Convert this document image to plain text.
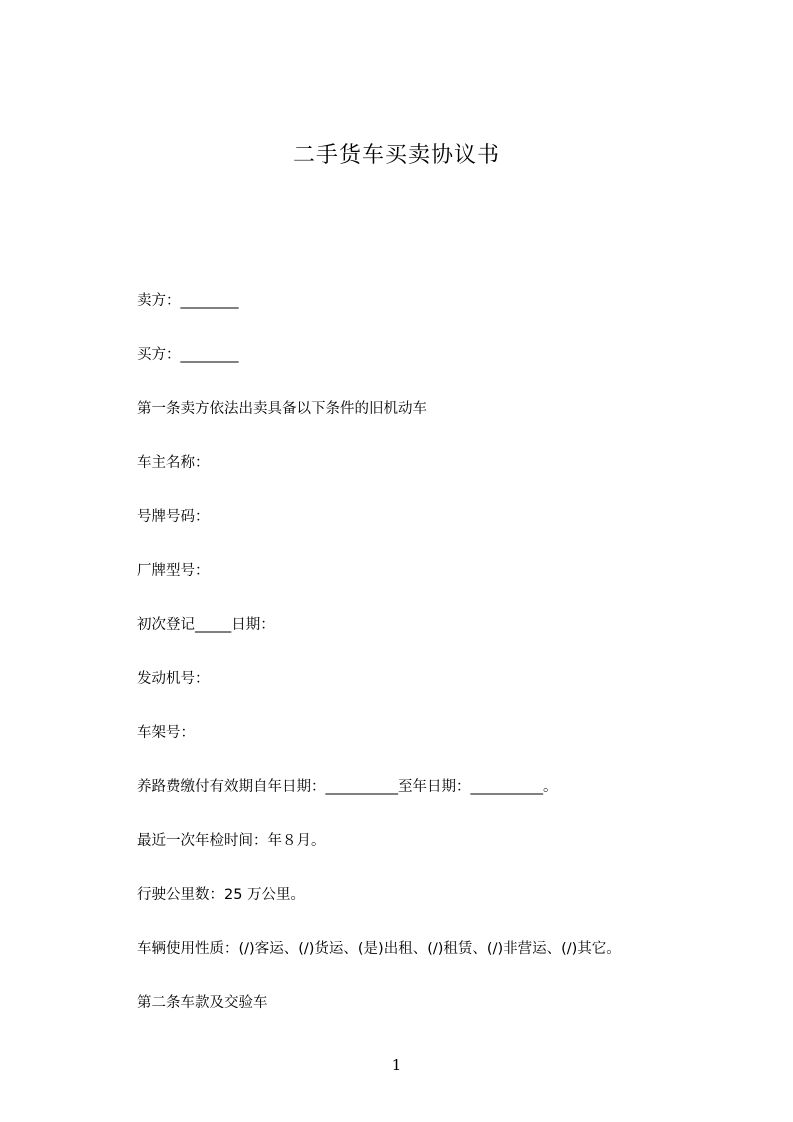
二手货车买卖协议书
卖方：________
买方：________
第一条卖方依法出卖具备以下条件的旧机动车
车主名称：
号牌号码：
厂牌型号：
初次登记_____日期：
发动机号：
车架号：
养路费缴付有效期自年日期：__________至年日期：__________。
最近一次年检时间：年８月。
行驶公里数：25 万公里。
车辆使用性质：(/)客运、(/)货运、(是)出租、(/)租赁、(/)非营运、(/)其它。
第二条车款及交验车
1
